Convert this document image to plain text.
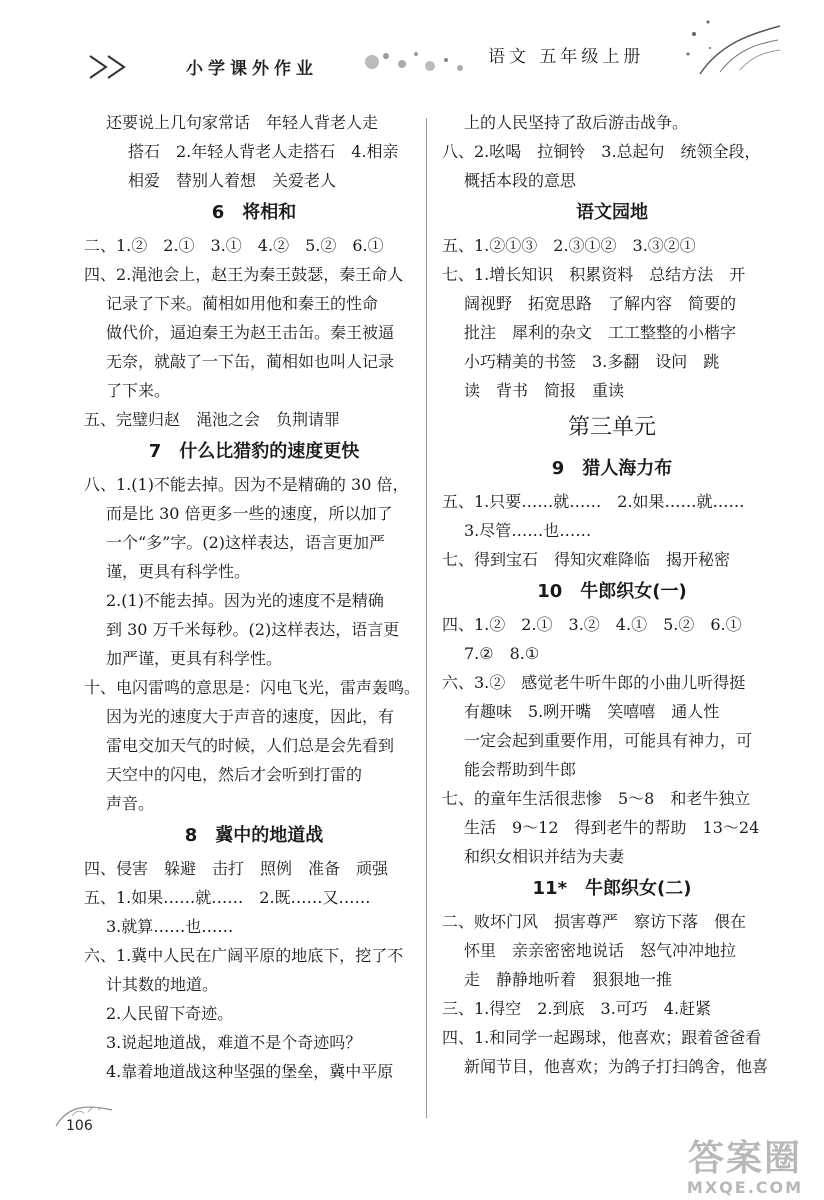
小学课外作业
语文 五年级上册
还要说上几句家常话　年轻人背老人走
搭石　2.年轻人背老人走搭石　4.相亲
相爱　替别人着想　关爱老人
6　将相和
二、1.②　2.①　3.①　4.②　5.②　6.①
四、2.渑池会上，赵王为秦王鼓瑟，秦王命人
记录了下来。蔺相如用他和秦王的性命
做代价，逼迫秦王为赵王击缶。秦王被逼
无奈，就敲了一下缶，蔺相如也叫人记录
了下来。
五、完璧归赵　渑池之会　负荆请罪
7　什么比猎豹的速度更快
八、1.(1)不能去掉。因为不是精确的 30 倍，
而是比 30 倍更多一些的速度，所以加了
一个“多”字。(2)这样表达，语言更加严
谨，更具有科学性。
2.(1)不能去掉。因为光的速度不是精确
到 30 万千米每秒。(2)这样表达，语言更
加严谨，更具有科学性。
十、电闪雷鸣的意思是：闪电飞光，雷声轰鸣。
因为光的速度大于声音的速度，因此，有
雷电交加天气的时候，人们总是会先看到
天空中的闪电，然后才会听到打雷的
声音。
8　冀中的地道战
四、侵害　躲避　击打　照例　准备　顽强
五、1.如果……就……　2.既……又……
3.就算……也……
六、1.冀中人民在广阔平原的地底下，挖了不
计其数的地道。
2.人民留下奇迹。
3.说起地道战，难道不是个奇迹吗？
4.靠着地道战这种坚强的堡垒，冀中平原
上的人民坚持了敌后游击战争。
八、2.吆喝　拉铜铃　3.总起句　统领全段，
概括本段的意思
语文园地
五、1.②①③　2.③①②　3.③②①
七、1.增长知识　积累资料　总结方法　开
阔视野　拓宽思路　了解内容　简要的
批注　犀利的杂文　工工整整的小楷字
小巧精美的书签　3.多翻　设问　跳
读　背书　简报　重读
第三单元
9　猎人海力布
五、1.只要……就……　2.如果……就……
3.尽管……也……
七、得到宝石　得知灾难降临　揭开秘密
10　牛郎织女(一)
四、1.②　2.①　3.②　4.①　5.②　6.①
7.②　8.①
六、3.②　感觉老牛听牛郎的小曲儿听得挺
有趣味　5.咧开嘴　笑嘻嘻　通人性
一定会起到重要作用，可能具有神力，可
能会帮助到牛郎
七、的童年生活很悲惨　5～8　和老牛独立
生活　9～12　得到老牛的帮助　13～24
和织女相识并结为夫妻
11*　牛郎织女(二)
二、败坏门风　损害尊严　察访下落　偎在
怀里　亲亲密密地说话　怒气冲冲地拉
走　静静地听着　狠狠地一推
三、1.得空　2.到底　3.可巧　4.赶紧
四、1.和同学一起踢球，他喜欢；跟着爸爸看
新闻节目，他喜欢；为鸽子打扫鸽舍，他喜
106
答案圈
MXQE.COM
